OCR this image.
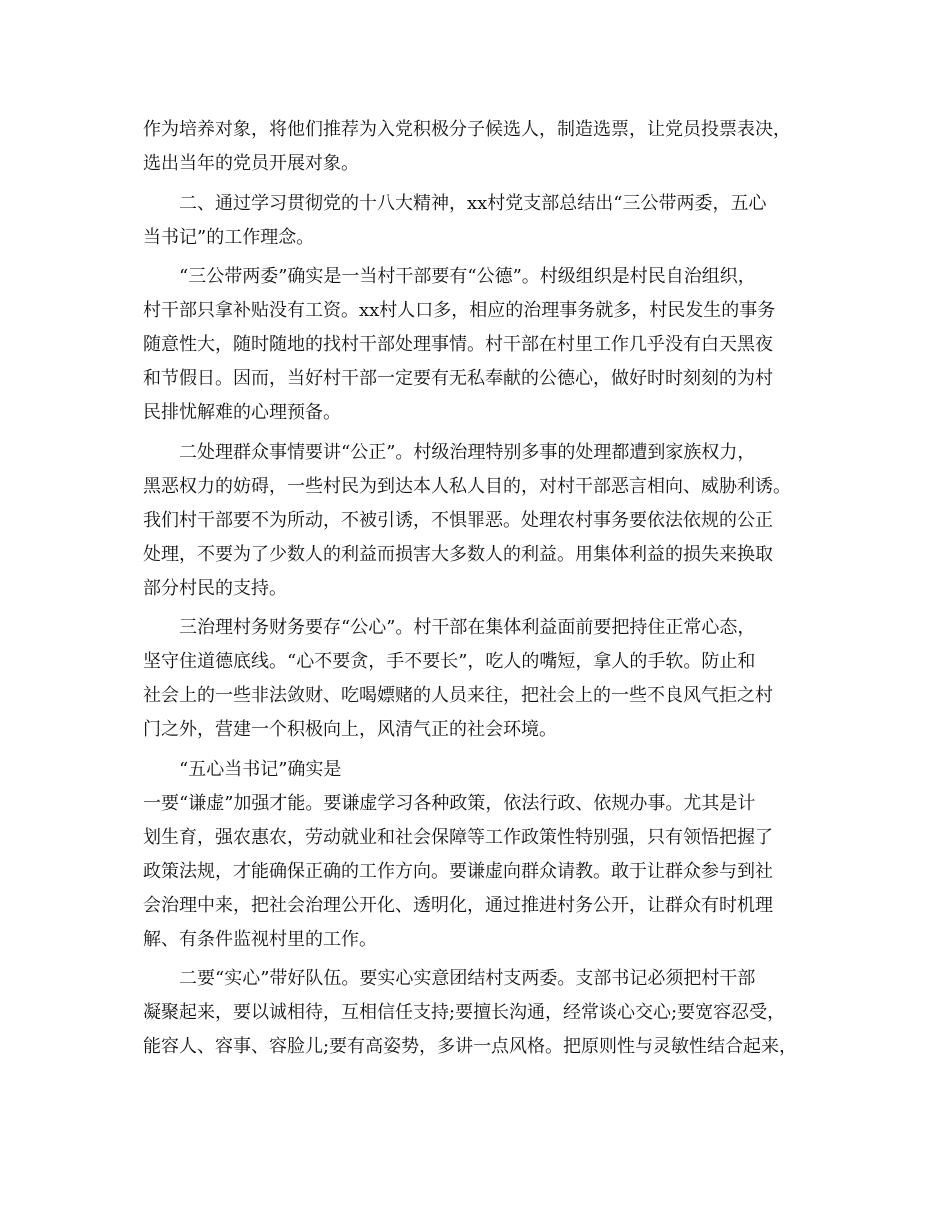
作为培养对象，将他们推荐为入党积极分子候选人，制造选票，让党员投票表决，
选出当年的党员开展对象。
　　二、通过学习贯彻党的十八大精神，xx村党支部总结出“三公带两委，五心
当书记”的工作理念。
　　“三公带两委”确实是一当村干部要有“公德”。村级组织是村民自治组织，
村干部只拿补贴没有工资。xx村人口多，相应的治理事务就多，村民发生的事务
随意性大，随时随地的找村干部处理事情。村干部在村里工作几乎没有白天黑夜
和节假日。因而，当好村干部一定要有无私奉献的公德心，做好时时刻刻的为村
民排忧解难的心理预备。
　　二处理群众事情要讲“公正”。村级治理特别多事的处理都遭到家族权力，
黑恶权力的妨碍，一些村民为到达本人私人目的，对村干部恶言相向、威胁利诱。
我们村干部要不为所动，不被引诱，不惧罪恶。处理农村事务要依法依规的公正
处理，不要为了少数人的利益而损害大多数人的利益。用集体利益的损失来换取
部分村民的支持。
　　三治理村务财务要存“公心”。村干部在集体利益面前要把持住正常心态，
坚守住道德底线。“心不要贪，手不要长”，吃人的嘴短，拿人的手软。防止和
社会上的一些非法敛财、吃喝嫖赌的人员来往，把社会上的一些不良风气拒之村
门之外，营建一个积极向上，风清气正的社会环境。
　　“五心当书记”确实是
一要“谦虚”加强才能。要谦虚学习各种政策，依法行政、依规办事。尤其是计
划生育，强农惠农，劳动就业和社会保障等工作政策性特别强，只有领悟把握了
政策法规，才能确保正确的工作方向。要谦虚向群众请教。敢于让群众参与到社
会治理中来，把社会治理公开化、透明化，通过推进村务公开，让群众有时机理
解、有条件监视村里的工作。
　　二要“实心”带好队伍。要实心实意团结村支两委。支部书记必须把村干部
凝聚起来，要以诚相待，互相信任支持;要擅长沟通，经常谈心交心;要宽容忍受，
能容人、容事、容脸儿;要有高姿势，多讲一点风格。把原则性与灵敏性结合起来，
